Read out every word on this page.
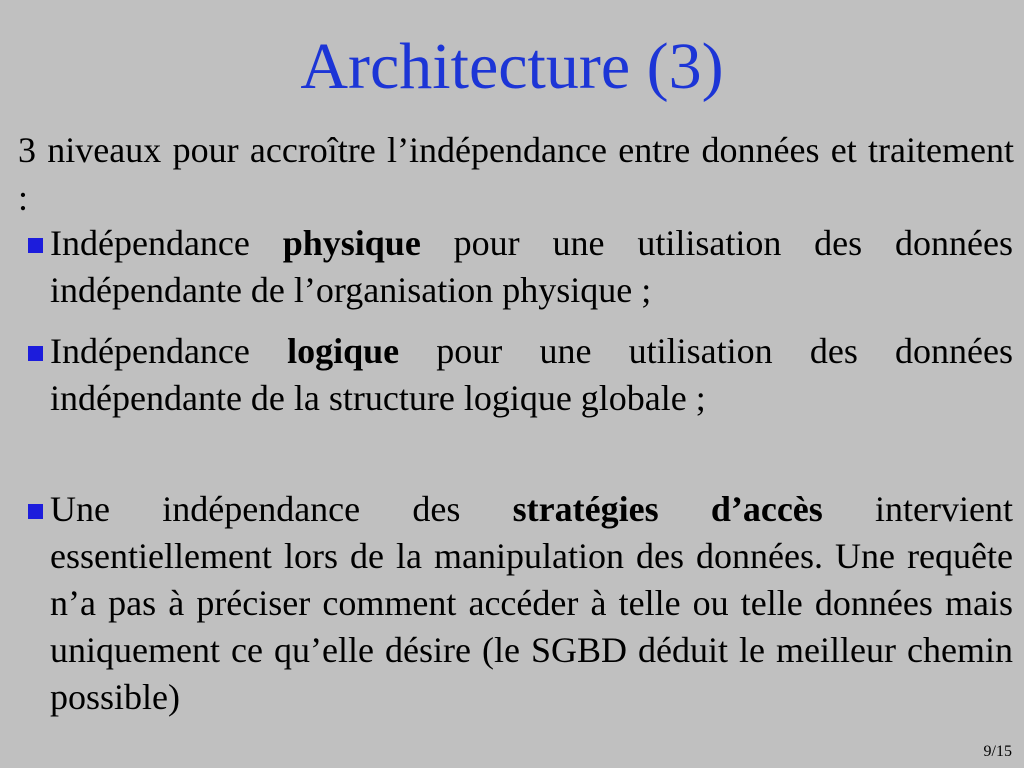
Architecture (3)
3 niveaux pour accroître l’indépendance entre données et traitement :
Indépendance physique pour une utilisation des données indépendante de l’organisation physique ;
Indépendance logique pour une utilisation des données indépendante de la structure logique globale ;
Une indépendance des stratégies d’accès intervient essentiellement lors de la manipulation des données. Une requête n’a pas à préciser comment accéder à telle ou telle données mais uniquement ce qu’elle désire (le SGBD déduit le meilleur chemin possible)
9/15
